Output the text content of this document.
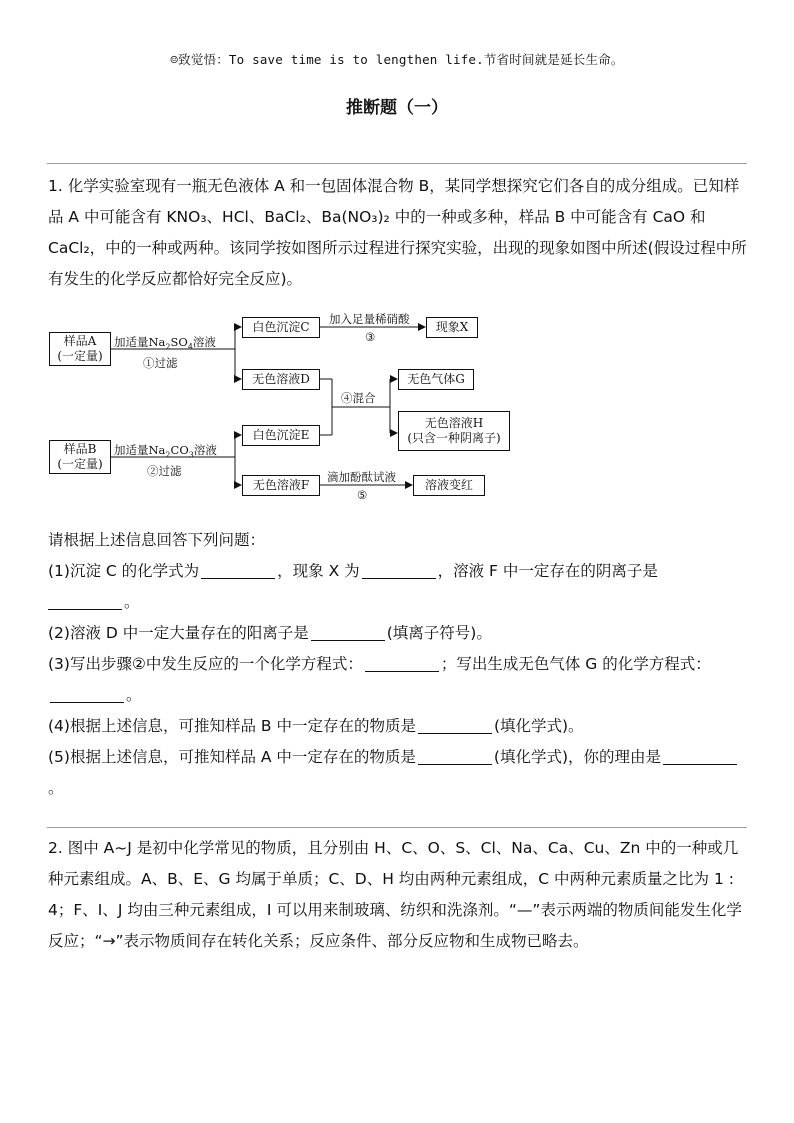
☺致觉悟：To save time is to lengthen life.节省时间就是延长生命。
推断题（一）
1. 化学实验室现有一瓶无色液体 A 和一包固体混合物 B，某同学想探究它们各自的成分组成。已知样品 A 中可能含有 KNO₃、HCl、BaCl₂、Ba(NO₃)₂ 中的一种或多种，样品 B 中可能含有 CaO 和 CaCl₂，中的一种或两种。该同学按如图所示过程进行探究实验，出现的现象如图中所述(假设过程中所有发生的化学反应都恰好完全反应)。
样品A
(一定量)
样品B
(一定量)
加适量$Na_2SO_4$溶液
①过滤
加适量$Na_2CO_3$溶液
②过滤
白色沉淀C
无色溶液D
白色沉淀E
无色溶液F
加入足量稀硝酸
③
现象X
④混合
无色气体G
无色溶液H
(只含一种阴离子)
滴加酚酞试液
⑤
溶液变红
请根据上述信息回答下列问题：
(1)沉淀 C 的化学式为	，现象 X 为	，溶液 F 中一定存在的阴离子是
。
(2)溶液 D 中一定大量存在的阳离子是	(填离子符号)。
(3)写出步骤②中发生反应的一个化学方程式：	；写出生成无色气体 G 的化学方程式：。
(4)根据上述信息，可推知样品 B 中一定存在的物质是	(填化学式)。
(5)根据上述信息，可推知样品 A 中一定存在的物质是	(填化学式)，你的理由是。
2. 图中 A~J 是初中化学常见的物质，且分别由 H、C、O、S、Cl、Na、Ca、Cu、Zn 中的一种或几种元素组成。A、B、E、G 均属于单质；C、D、H 均由两种元素组成，C 中两种元素质量之比为 1 : 4；F、I、J 均由三种元素组成，I 可以用来制玻璃、纺织和洗涤剂。“—”表示两端的物质间能发生化学反应；“→”表示物质间存在转化关系；反应条件、部分反应物和生成物已略去。
